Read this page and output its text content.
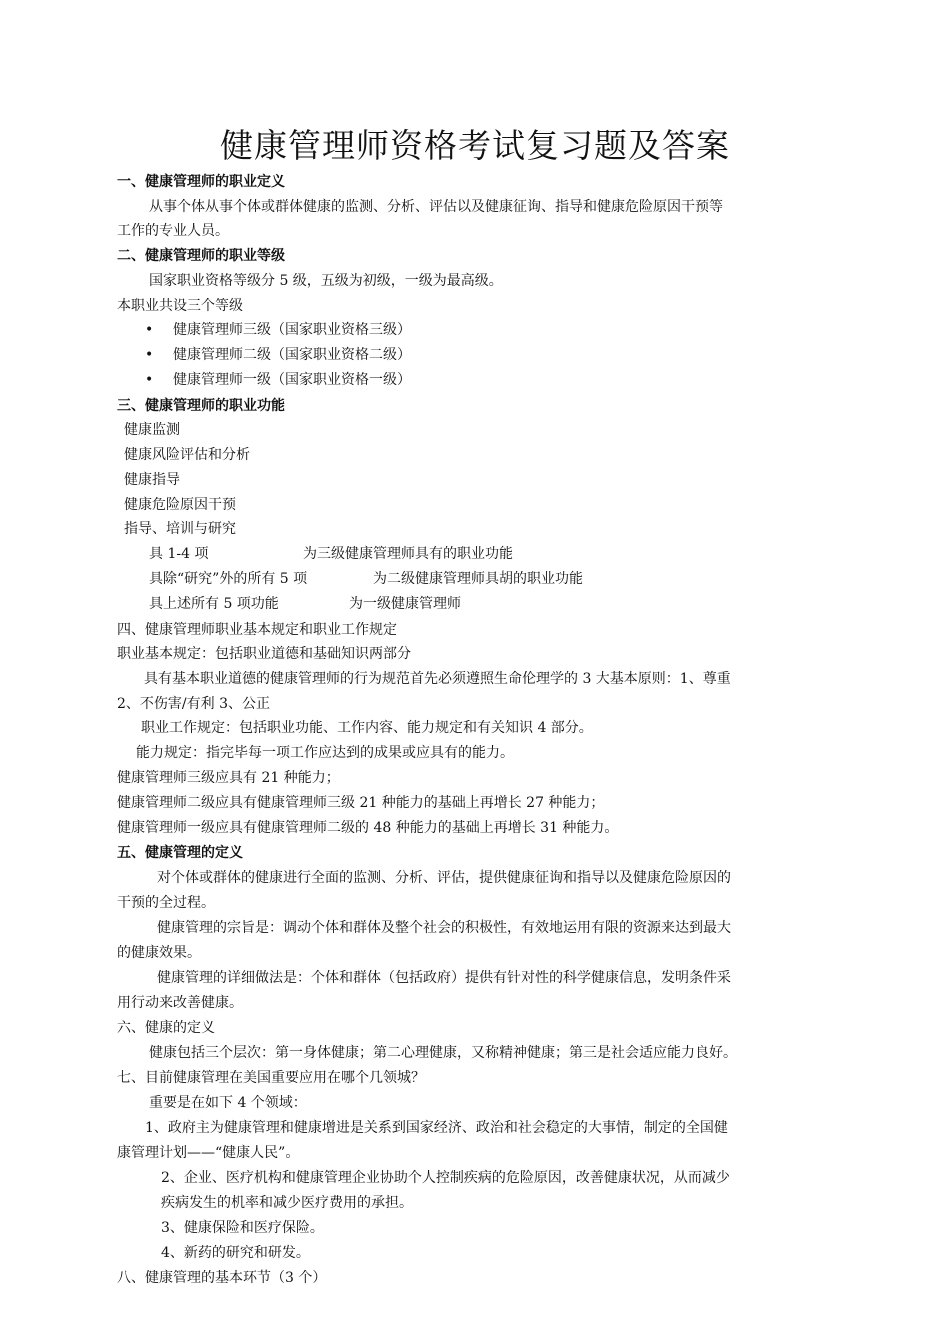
健康管理师资格考试复习题及答案
一、健康管理师的职业定义
从事个体从事个体或群体健康的监测、分析、评估以及健康征询、指导和健康危险原因干预等
工作的专业人员。
二、健康管理师的职业等级
国家职业资格等级分 5 级，五级为初级，一级为最高级。
本职业共设三个等级
• 健康管理师三级（国家职业资格三级）
• 健康管理师二级（国家职业资格二级）
• 健康管理师一级（国家职业资格一级）
三、健康管理师的职业功能
健康监测
健康风险评估和分析
健康指导
健康危险原因干预
指导、培训与研究
具 1-4 项	为三级健康管理师具有的职业功能
具除“研究”外的所有 5 项	为二级健康管理师具胡的职业功能
具上述所有 5 项功能	为一级健康管理师
四、健康管理师职业基本规定和职业工作规定
职业基本规定：包括职业道德和基础知识两部分
具有基本职业道德的健康管理师的行为规范首先必须遵照生命伦理学的 3 大基本原则：1、尊重
2、不伤害/有利 3、公正
职业工作规定：包括职业功能、工作内容、能力规定和有关知识 4 部分。
能力规定：指完毕每一项工作应达到的成果或应具有的能力。
健康管理师三级应具有 21 种能力；
健康管理师二级应具有健康管理师三级 21 种能力的基础上再增长 27 种能力；
健康管理师一级应具有健康管理师二级的 48 种能力的基础上再增长 31 种能力。
五、健康管理的定义
对个体或群体的健康进行全面的监测、分析、评估，提供健康征询和指导以及健康危险原因的
干预的全过程。
健康管理的宗旨是：调动个体和群体及整个社会的积极性，有效地运用有限的资源来达到最大
的健康效果。
健康管理的详细做法是：个体和群体（包括政府）提供有针对性的科学健康信息，发明条件采
用行动来改善健康。
六、健康的定义
健康包括三个层次：第一身体健康；第二心理健康，又称精神健康；第三是社会适应能力良好。
七、目前健康管理在美国重要应用在哪个几领城？
重要是在如下 4 个领域：
1、政府主为健康管理和健康增进是关系到国家经济、政治和社会稳定的大事情，制定的全国健
康管理计划——“健康人民”。
2、企业、医疗机构和健康管理企业协助个人控制疾病的危险原因，改善健康状况，从而减少
疾病发生的机率和减少医疗费用的承担。
3、健康保险和医疗保险。
4、新药的研究和研发。
八、健康管理的基本环节（3 个）
